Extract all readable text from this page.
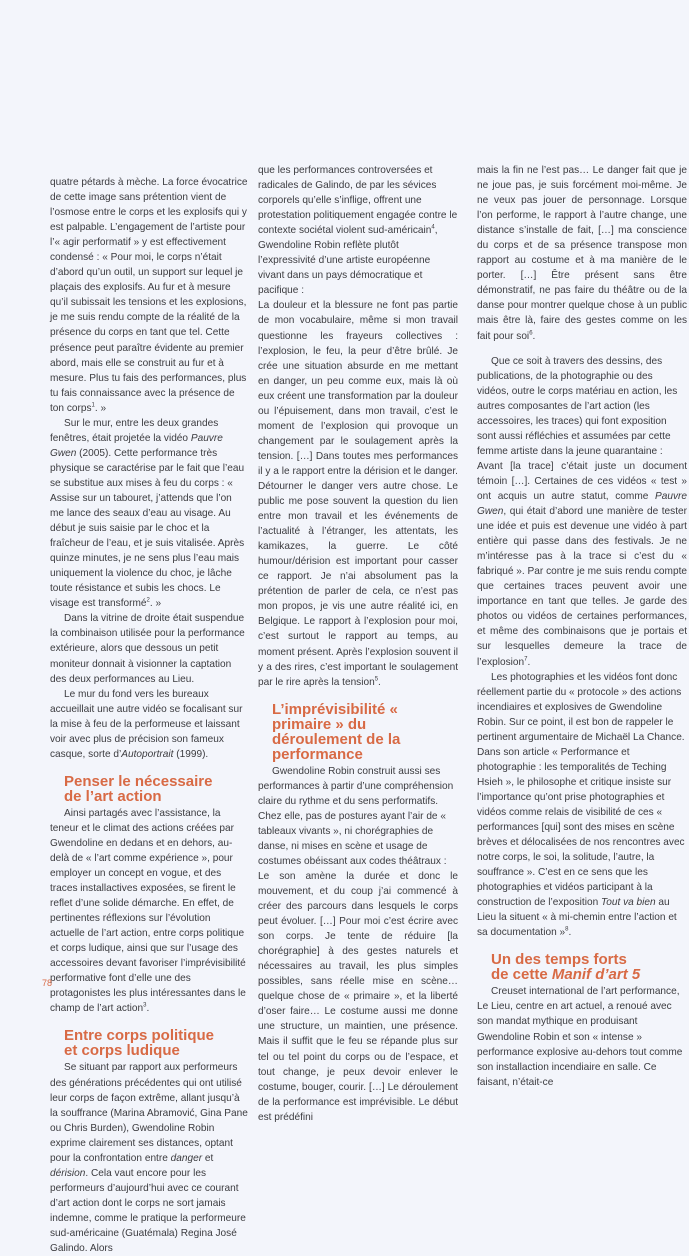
quatre pétards à mèche. La force évocatrice de cette image sans prétention vient de l’osmose entre le corps et les explosifs qui y est palpable. L’engagement de l’artiste pour l’« agir performatif » y est effectivement condensé : « Pour moi, le corps n’était d’abord qu’un outil, un support sur lequel je plaçais des explosifs. Au fur et à mesure qu’il subissait les tensions et les explosions, je me suis rendu compte de la réalité de la présence du corps en tant que tel. Cette présence peut paraître évidente au premier abord, mais elle se construit au fur et à mesure. Plus tu fais des performances, plus tu fais connaissance avec la présence de ton corps$^1$. »

Sur le mur, entre les deux grandes fenêtres, était projetée la vidéo Pauvre Gwen (2005). Cette performance très physique se caractérise par le fait que l’eau se substitue aux mises à feu du corps : « Assise sur un tabouret, j’attends que l’on me lance des seaux d’eau au visage. Au début je suis saisie par le choc et la fraîcheur de l’eau, et je suis vitalisée. Après quinze minutes, je ne sens plus l’eau mais uniquement la violence du choc, je lâche toute résistance et subis les chocs. Le visage est transformé$^2$. »

Dans la vitrine de droite était suspendue la combinaison utilisée pour la performance extérieure, alors que dessous un petit moniteur donnait à visionner la captation des deux performances au Lieu.

Le mur du fond vers les bureaux accueillait une autre vidéo se focalisant sur la mise à feu de la performeuse et laissant voir avec plus de précision son fameux casque, sorte d’Autoportrait (1999).

Penser le nécessaire
de l’art action

Ainsi partagés avec l’assistance, la teneur et le climat des actions créées par Gwendoline en dedans et en dehors, au-delà de « l’art comme expérience », pour employer un concept en vogue, et des traces installactives exposées, se firent le reflet d’une solide démarche. En effet, de pertinentes réflexions sur l’évolution actuelle de l’art action, entre corps politique et corps ludique, ainsi que sur l’usage des accessoires devant favoriser l’imprévisibilité performative font d’elle une des protagonistes les plus intéressantes dans le champ de l’art action$^3$.

Entre corps politique
et corps ludique

Se situant par rapport aux performeurs des générations précédentes qui ont utilisé leur corps de façon extrême, allant jusqu’à la souffrance (Marina Abramović, Gina Pane ou Chris Burden), Gwendoline Robin exprime clairement ses distances, optant pour la confrontation entre danger et dérision. Cela vaut encore pour les performeurs d’aujourd’hui avec ce courant d’art action dont le corps ne sort jamais indemne, comme le pratique la performeure sud-américaine (Guatémala) Regina José Galindo. Alors

que les performances controversées et radicales de Galindo, de par les sévices corporels qu’elle s’inflige, offrent une protestation politiquement engagée contre le contexte sociétal violent sud-américain$^4$, Gwendoline Robin reflète plutôt l’expressivité d’une artiste européenne vivant dans un pays démocratique et pacifique :

La douleur et la blessure ne font pas partie de mon vocabulaire, même si mon travail questionne les frayeurs collectives : l’explosion, le feu, la peur d’être brûlé. Je crée une situation absurde en me mettant en danger, un peu comme eux, mais là où eux créent une transformation par la douleur ou l’épuisement, dans mon travail, c’est le moment de l’explosion qui provoque un changement par le soulagement après la tension. […] Dans toutes mes performances il y a le rapport entre la dérision et le danger. Détourner le danger vers autre chose. Le public me pose souvent la question du lien entre mon travail et les événements de l’actualité à l’étranger, les attentats, les kamikazes, la guerre. Le côté humour/dérision est important pour casser ce rapport. Je n’ai absolument pas la prétention de parler de cela, ce n’est pas mon propos, je vis une autre réalité ici, en Belgique. Le rapport à l’explosion pour moi, c’est surtout le rapport au temps, au moment présent. Après l’explosion souvent il y a des rires, c’est important le soulagement par le rire après la tension$^5$.

L’imprévisibilité « primaire » du
déroulement de la performance

Gwendoline Robin construit aussi ses performances à partir d’une compréhension claire du rythme et du sens performatifs. Chez elle, pas de postures ayant l’air de « tableaux vivants », ni chorégraphies de danse, ni mises en scène et usage de costumes obéissant aux codes théâtraux :

Le son amène la durée et donc le mouvement, et du coup j’ai commencé à créer des parcours dans lesquels le corps peut évoluer. […] Pour moi c’est écrire avec son corps. Je tente de réduire [la chorégraphie] à des gestes naturels et nécessaires au travail, les plus simples possibles, sans réelle mise en scène… quelque chose de « primaire », et la liberté d’oser faire… Le costume aussi me donne une structure, un maintien, une présence. Mais il suffit que le feu se répande plus sur tel ou tel point du corps ou de l’espace, et tout change, je peux devoir enlever le costume, bouger, courir. […] Le déroulement de la performance est imprévisible. Le début est prédéfini

mais la fin ne l’est pas… Le danger fait que je ne joue pas, je suis forcément moi-même. Je ne veux pas jouer de personnage. Lorsque l’on performe, le rapport à l’autre change, une distance s’installe de fait, […] ma conscience du corps et de sa présence transpose mon rapport au costume et à ma manière de le porter. […] Être présent sans être démonstratif, ne pas faire du théâtre ou de la danse pour montrer quelque chose à un public mais être là, faire des gestes comme on les fait pour soi$^6$.

Que ce soit à travers des dessins, des publications, de la photographie ou des vidéos, outre le corps matériau en action, les autres composantes de l’art action (les accessoires, les traces) qui font exposition sont aussi réfléchies et assumées par cette femme artiste dans la jeune quarantaine :

Avant [la trace] c’était juste un document témoin […]. Certaines de ces vidéos « test » ont acquis un autre statut, comme Pauvre Gwen, qui était d’abord une manière de tester une idée et puis est devenue une vidéo à part entière qui passe dans des festivals. Je ne m’intéresse pas à la trace si c’est du « fabriqué ». Par contre je me suis rendu compte que certaines traces peuvent avoir une importance en tant que telles. Je garde des photos ou vidéos de certaines performances, et même des combinaisons que je portais et sur lesquelles demeure la trace de l’explosion$^7$.

Les photographies et les vidéos font donc réellement partie du « protocole » des actions incendiaires et explosives de Gwendoline Robin. Sur ce point, il est bon de rappeler le pertinent argumentaire de Michaël La Chance. Dans son article « Performance et photographie : les temporalités de Teching Hsieh », le philosophe et critique insiste sur l’importance qu’ont prise photographies et vidéos comme relais de visibilité de ces « performances [qui] sont des mises en scène brèves et délocalisées de nos rencontres avec notre corps, le soi, la solitude, l’autre, la souffrance ». C’est en ce sens que les photographies et vidéos participant à la construction de l’exposition Tout va bien au Lieu la situent « à mi-chemin entre l’action et sa documentation »$^8$.

Un des temps forts
de cette Manif d’art 5

Creuset international de l’art performance, Le Lieu, centre en art actuel, a renoué avec son mandat mythique en produisant Gwendoline Robin et son « intense » performance explosive au-dehors tout comme son installaction incendiaire en salle. Ce faisant, n’était-ce

78
